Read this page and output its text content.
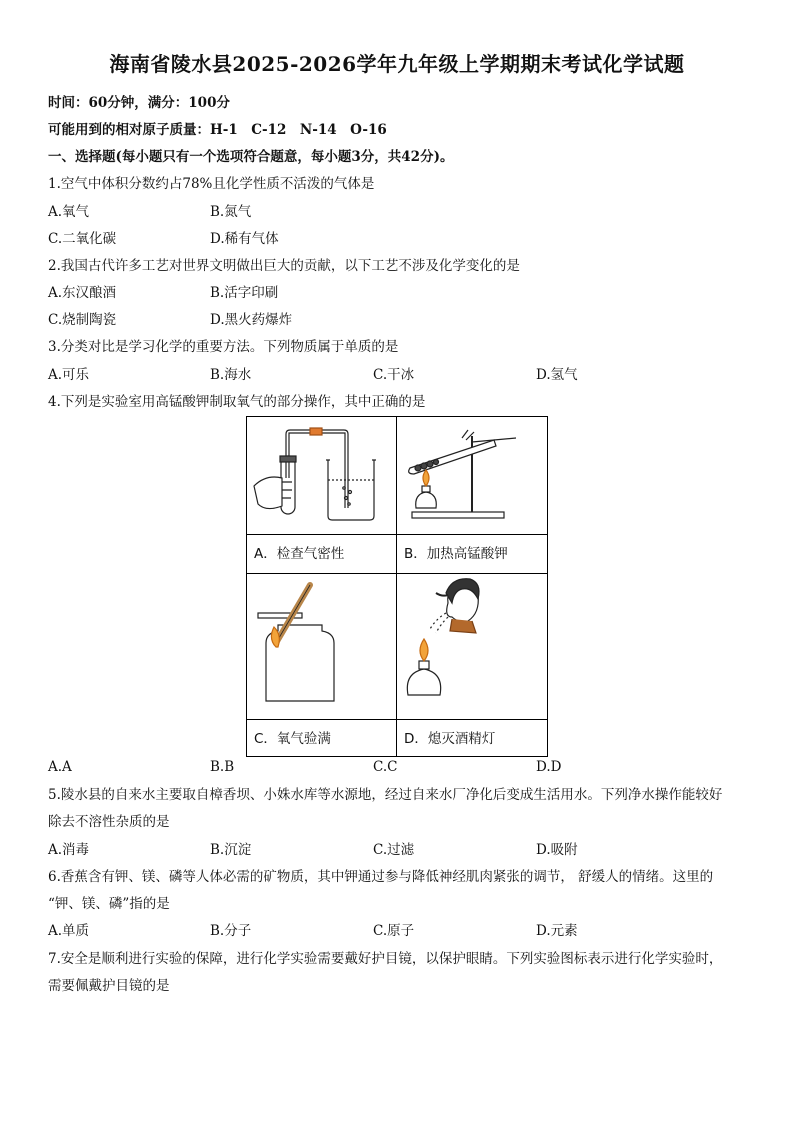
海南省陵水县2025-2026学年九年级上学期期末考试化学试题
时间：60分钟，满分：100分
可能用到的相对原子质量：H-1　C-12　N-14　O-16
一、选择题(每小题只有一个选项符合题意，每小题3分，共42分)。
1.空气中体积分数约占78%且化学性质不活泼的气体是
A.氧气	B.氮气
C.二氧化碳	D.稀有气体
2.我国古代许多工艺对世界文明做出巨大的贡献，以下工艺不涉及化学变化的是
A.东汉酿酒	B.活字印刷
C.烧制陶瓷	D.黑火药爆炸
3.分类对比是学习化学的重要方法。下列物质属于单质的是
A.可乐	B.海水	C.干冰	D.氢气
4.下列是实验室用高锰酸钾制取氧气的部分操作，其中正确的是
A．检查气密性	B．加热高锰酸钾
C．氧气验满	D．熄灭酒精灯
A.A	B.B	C.C	D.D
5.陵水县的自来水主要取自樟香坝、小姝水库等水源地，经过自来水厂净化后变成生活用水。下列净水操作能较好
除去不溶性杂质的是
A.消毒	B.沉淀	C.过滤	D.吸附
6.香蕉含有钾、镁、磷等人体必需的矿物质，其中钾通过参与降低神经肌肉紧张的调节， 舒缓人的情绪。这里的
“钾、镁、磷”指的是
A.单质	B.分子	C.原子	D.元素
7.安全是顺利进行实验的保障，进行化学实验需要戴好护目镜，以保护眼睛。下列实验图标表示进行化学实验时，
需要佩戴护目镜的是
